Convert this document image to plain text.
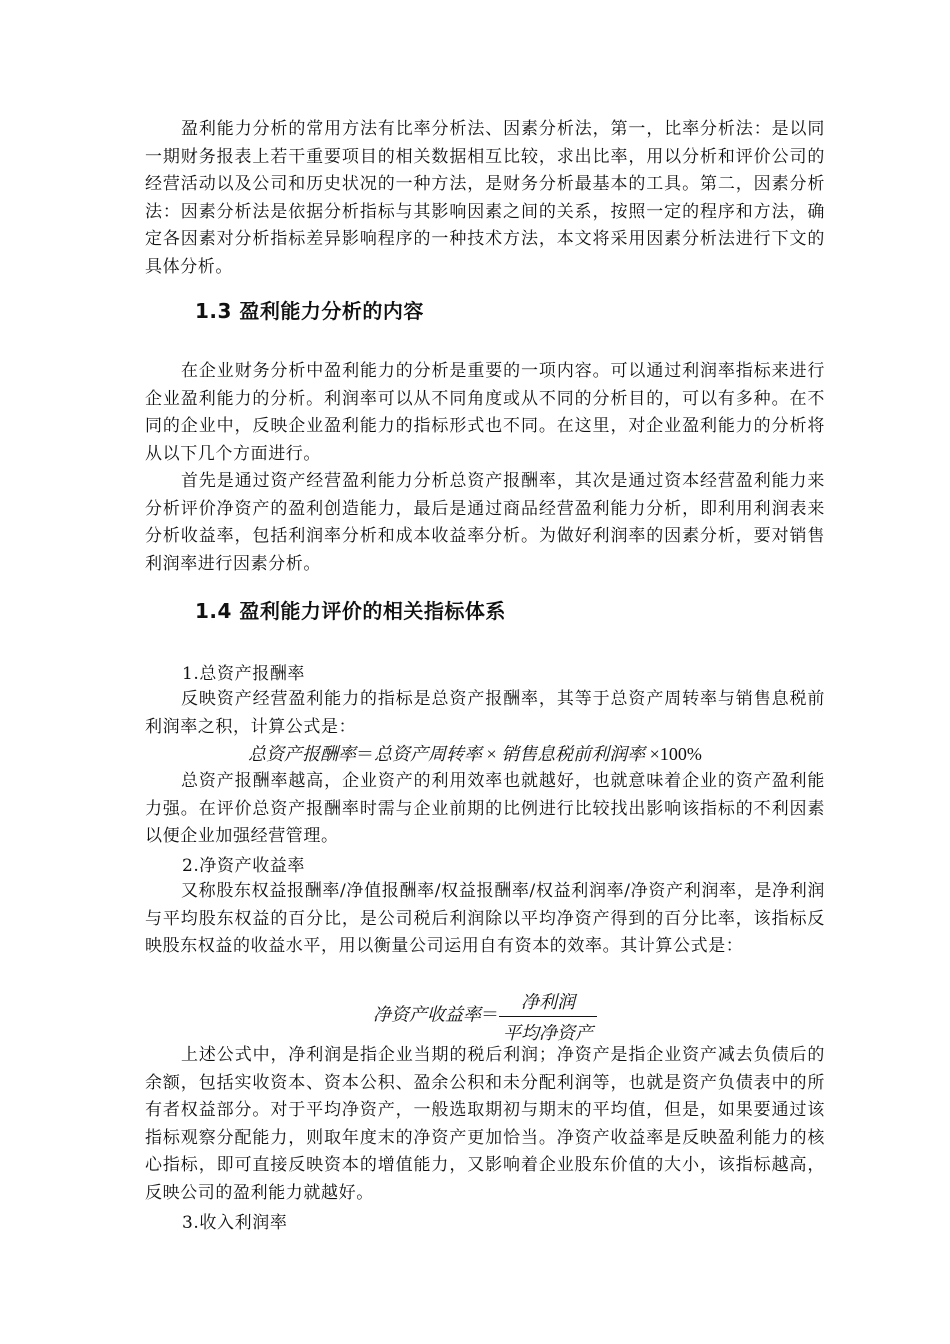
盈利能力分析的常用方法有比率分析法、因素分析法，第一，比率分析法：是以同一期财务报表上若干重要项目的相关数据相互比较，求出比率，用以分析和评价公司的经营活动以及公司和历史状况的一种方法，是财务分析最基本的工具。第二，因素分析法：因素分析法是依据分析指标与其影响因素之间的关系，按照一定的程序和方法，确定各因素对分析指标差异影响程序的一种技术方法，本文将采用因素分析法进行下文的具体分析。

1.3 盈利能力分析的内容

在企业财务分析中盈利能力的分析是重要的一项内容。可以通过利润率指标来进行企业盈利能力的分析。利润率可以从不同角度或从不同的分析目的，可以有多种。在不同的企业中，反映企业盈利能力的指标形式也不同。在这里，对企业盈利能力的分析将从以下几个方面进行。

首先是通过资产经营盈利能力分析总资产报酬率，其次是通过资本经营盈利能力来分析评价净资产的盈利创造能力，最后是通过商品经营盈利能力分析，即利用利润表来分析收益率，包括利润率分析和成本收益率分析。为做好利润率的因素分析，要对销售利润率进行因素分析。

1.4 盈利能力评价的相关指标体系
1.总资产报酬率

反映资产经营盈利能力的指标是总资产报酬率，其等于总资产周转率与销售息税前利润率之积，计算公式是：

总资产报酬率＝总资产周转率 × 销售息税前利润率 ×100%

总资产报酬率越高，企业资产的利用效率也就越好，也就意味着企业的资产盈利能力强。在评价总资产报酬率时需与企业前期的比例进行比较找出影响该指标的不利因素以便企业加强经营管理。

2.净资产收益率

又称股东权益报酬率/净值报酬率/权益报酬率/权益利润率/净资产利润率，是净利润与平均股东权益的百分比，是公司税后利润除以平均净资产得到的百分比率，该指标反映股东权益的收益水平，用以衡量公司运用自有资本的效率。其计算公式是：

净资产收益率＝ $\frac{\text{净利润}}{\text{平均净资产}}$

上述公式中，净利润是指企业当期的税后利润；净资产是指企业资产减去负债后的余额，包括实收资本、资本公积、盈余公积和未分配利润等，也就是资产负债表中的所有者权益部分。对于平均净资产，一般选取期初与期末的平均值，但是，如果要通过该指标观察分配能力，则取年度末的净资产更加恰当。净资产收益率是反映盈利能力的核心指标，即可直接反映资本的增值能力，又影响着企业股东价值的大小，该指标越高，反映公司的盈利能力就越好。

3.收入利润率
